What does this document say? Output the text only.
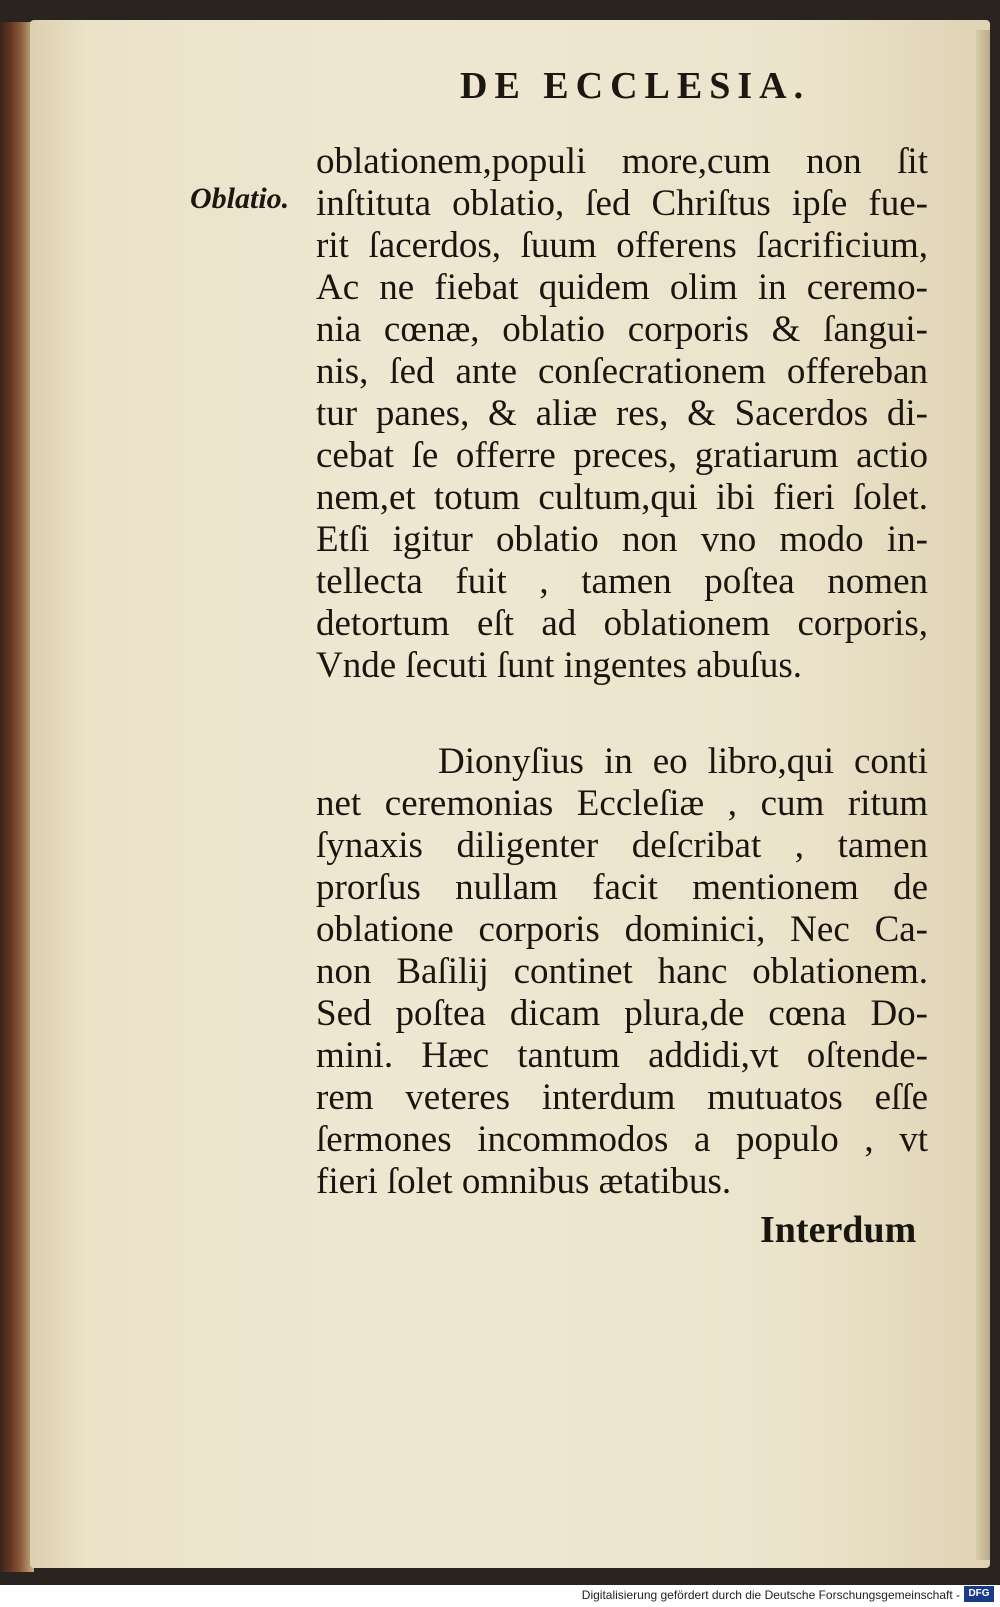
DE ECCLESIA.
Oblatio.
oblationem,populi more,cum non ſit
inſtituta oblatio, ſed Chriſtus ipſe fue-
rit ſacerdos, ſuum offerens ſacrificium,
Ac ne fiebat quidem olim in ceremo-
nia cœnæ, oblatio corporis & ſangui-
nis, ſed ante conſecrationem offereban
tur panes, & aliæ res, & Sacerdos di-
cebat ſe offerre preces, gratiarum actio
nem,et totum cultum,qui ibi fieri ſolet.
Etſi igitur oblatio non vno modo in-
tellecta fuit , tamen poſtea nomen
detortum eſt ad oblationem corporis,
Vnde ſecuti ſunt ingentes abuſus.
Dionyſius in eo libro,qui conti
net ceremonias Eccleſiæ , cum ritum
ſynaxis diligenter deſcribat , tamen
prorſus nullam facit mentionem de
oblatione corporis dominici, Nec Ca-
non Baſilij continet hanc oblationem.
Sed poſtea dicam plura,de cœna Do-
mini. Hæc tantum addidi,vt oſtende-
rem veteres interdum mutuatos eſſe
ſermones incommodos a populo , vt
fieri ſolet omnibus ætatibus.
Interdum
Digitalisierung gefördert durch die Deutsche Forschungsgemeinschaft - DFG
